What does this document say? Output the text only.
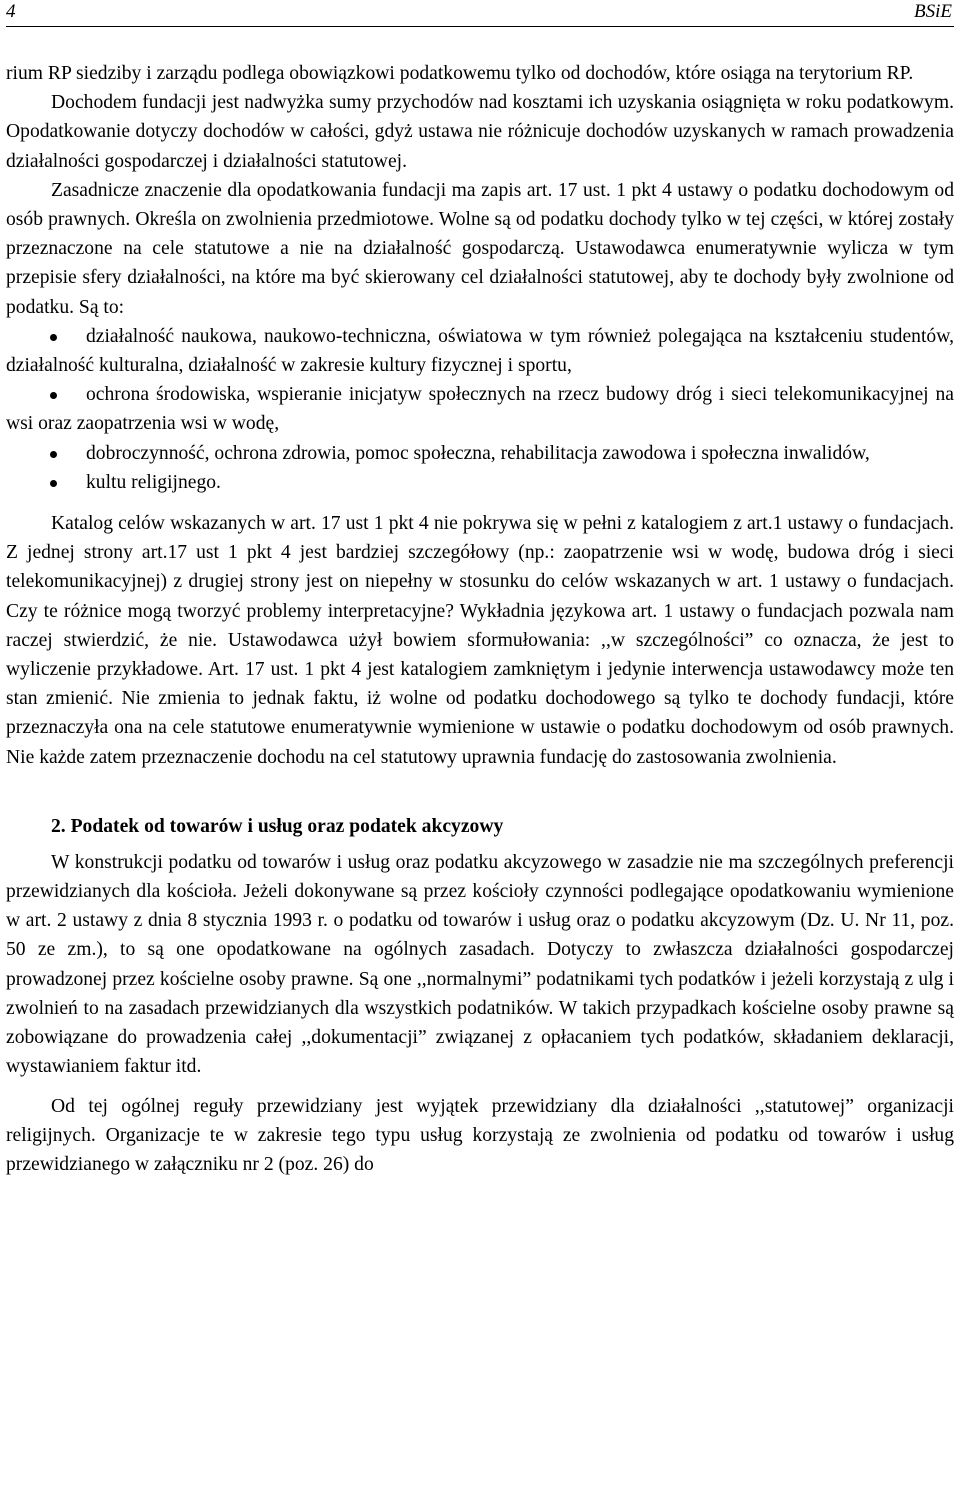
4	BSiE

rium RP siedziby i zarządu podlega obowiązkowi podatkowemu tylko od dochodów, które osiąga na terytorium RP.

Dochodem fundacji jest nadwyżka sumy przychodów nad kosztami ich uzyskania osiągnięta w roku podatkowym. Opodatkowanie dotyczy dochodów w całości, gdyż ustawa nie różnicuje dochodów uzyskanych w ramach prowadzenia działalności gospodarczej i działalności statutowej.

Zasadnicze znaczenie dla opodatkowania fundacji ma zapis art. 17 ust. 1 pkt 4 ustawy o podatku dochodowym od osób prawnych. Określa on zwolnienia przedmiotowe. Wolne są od podatku dochody tylko w tej części, w której zostały przeznaczone na cele statutowe a nie na działalność gospodarczą. Ustawodawca enumeratywnie wylicza w tym przepisie sfery działalności, na które ma być skierowany cel działalności statutowej, aby te dochody były zwolnione od podatku. Są to:

działalność naukowa, naukowo-techniczna, oświatowa w tym również polegająca na kształceniu studentów, działalność kulturalna, działalność w zakresie kultury fizycznej i sportu,
ochrona środowiska, wspieranie inicjatyw społecznych na rzecz budowy dróg i sieci telekomunikacyjnej na wsi oraz zaopatrzenia wsi w wodę,
dobroczynność, ochrona zdrowia, pomoc społeczna, rehabilitacja zawodowa i społeczna inwalidów,
kultu religijnego.

Katalog celów wskazanych w art. 17 ust 1 pkt 4 nie pokrywa się w pełni z katalogiem z art.1 ustawy o fundacjach. Z jednej strony art.17 ust 1 pkt 4 jest bardziej szczegółowy (np.: zaopatrzenie wsi w wodę, budowa dróg i sieci telekomunikacyjnej) z drugiej strony jest on niepełny w stosunku do celów wskazanych w art. 1 ustawy o fundacjach. Czy te różnice mogą tworzyć problemy interpretacyjne? Wykładnia językowa art. 1 ustawy o fundacjach pozwala nam raczej stwierdzić, że nie. Ustawodawca użył bowiem sformułowania: ,,w szczególności” co oznacza, że jest to wyliczenie przykładowe. Art. 17 ust. 1 pkt 4 jest katalogiem zamkniętym i jedynie interwencja ustawodawcy może ten stan zmienić. Nie zmienia to jednak faktu, iż wolne od podatku dochodowego są tylko te dochody fundacji, które przeznaczyła ona na cele statutowe enumeratywnie wymienione w ustawie o podatku dochodowym od osób prawnych. Nie każde zatem przeznaczenie dochodu na cel statutowy uprawnia fundację do zastosowania zwolnienia.

2. Podatek od towarów i usług oraz podatek akcyzowy

W konstrukcji podatku od towarów i usług oraz podatku akcyzowego w zasadzie nie ma szczególnych preferencji przewidzianych dla kościoła. Jeżeli dokonywane są przez kościoły czynności podlegające opodatkowaniu wymienione w art. 2 ustawy z dnia 8 stycznia 1993 r. o podatku od towarów i usług oraz o podatku akcyzowym (Dz. U. Nr 11, poz. 50 ze zm.), to są one opodatkowane na ogólnych zasadach. Dotyczy to zwłaszcza działalności gospodarczej prowadzonej przez kościelne osoby prawne. Są one ,,normalnymi” podatnikami tych podatków i jeżeli korzystają z ulg i zwolnień to na zasadach przewidzianych dla wszystkich podatników. W takich przypadkach kościelne osoby prawne są zobowiązane do prowadzenia całej ,,dokumentacji” związanej z opłacaniem tych podatków, składaniem deklaracji, wystawianiem faktur itd.

Od tej ogólnej reguły przewidziany jest wyjątek przewidziany dla działalności ,,statutowej” organizacji religijnych. Organizacje te w zakresie tego typu usług korzystają ze zwolnienia od podatku od towarów i usług przewidzianego w załączniku nr 2 (poz. 26) do
